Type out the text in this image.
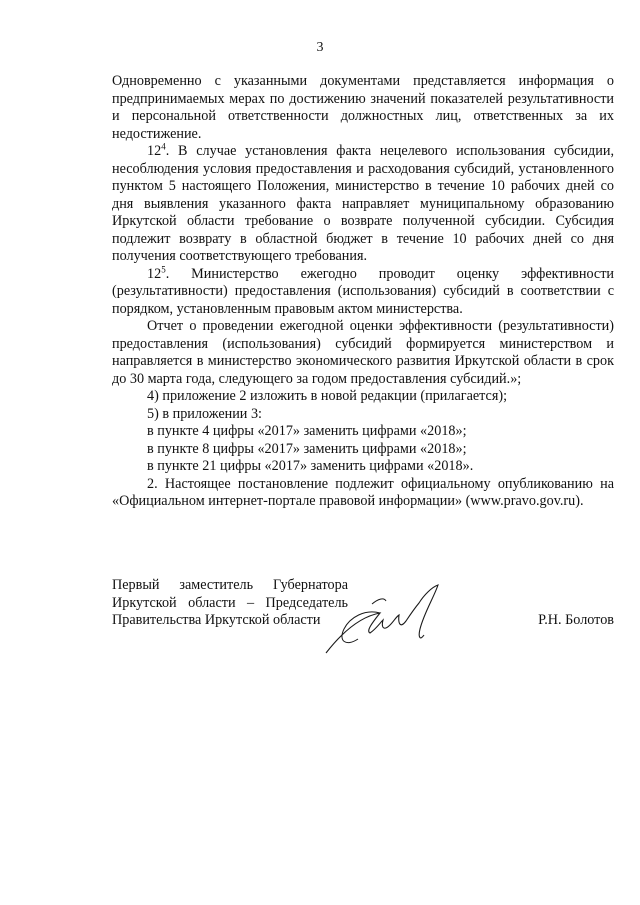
3

Одновременно с указанными документами представляется информация о предпринимаемых мерах по достижению значений показателей результативности и персональной ответственности должностных лиц, ответственных за их недостижение.

$12^4$. В случае установления факта нецелевого использования субсидии, несоблюдения условия предоставления и расходования субсидий, установленного пунктом 5 настоящего Положения, министерство в течение 10 рабочих дней со дня выявления указанного факта направляет муниципальному образованию Иркутской области требование о возврате полученной субсидии. Субсидия подлежит возврату в областной бюджет в течение 10 рабочих дней со дня получения соответствующего требования.

$12^5$. Министерство ежегодно проводит оценку эффективности (результативности) предоставления (использования) субсидий в соответствии с порядком, установленным правовым актом министерства.

Отчет о проведении ежегодной оценки эффективности (результативности) предоставления (использования) субсидий формируется министерством и направляется в министерство экономического развития Иркутской области в срок до 30 марта года, следующего за годом предоставления субсидий.»;

4) приложение 2 изложить в новой редакции (прилагается);

5) в приложении 3:

в пункте 4 цифры «2017» заменить цифрами «2018»;

в пункте 8 цифры «2017» заменить цифрами «2018»;

в пункте 21 цифры «2017» заменить цифрами «2018».

2. Настоящее постановление подлежит официальному опубликованию на «Официальном интернет-портале правовой информации» (www.pravo.gov.ru).

Первый заместитель Губернатора

Иркутской области – Председатель

Правительства Иркутской области	Р.Н. Болотов
